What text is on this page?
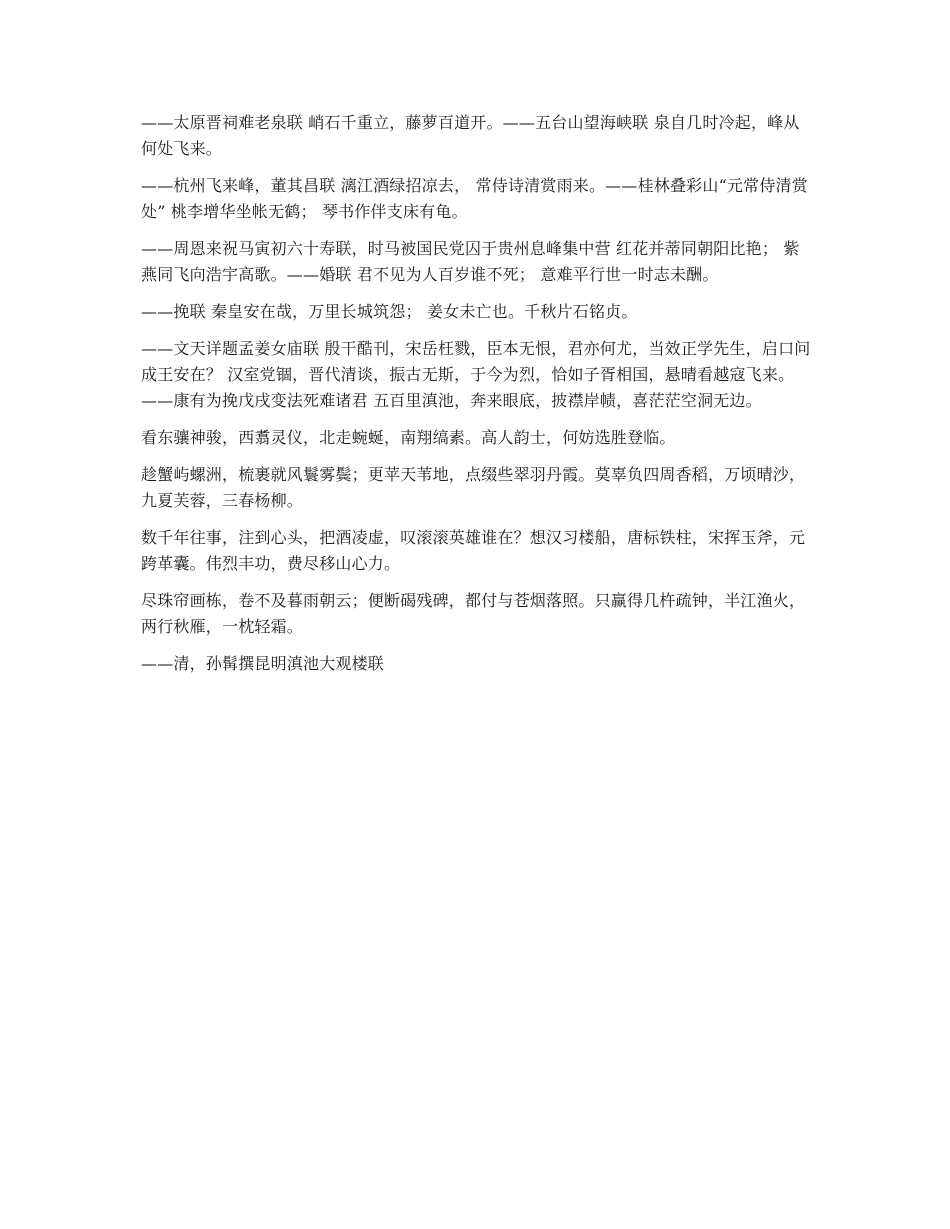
——太原晋祠难老泉联 峭石千重立，藤萝百道开。——五台山望海峡联 泉自几时冷起，峰从何处飞来。

——杭州飞来峰，董其昌联 漓江酒绿招凉去， 常侍诗清赏雨来。——桂林叠彩山“元常侍清赏处” 桃李增华坐帐无鹤； 琴书作伴支床有龟。

——周恩来祝马寅初六十寿联，时马被国民党囚于贵州息峰集中营 红花并蒂同朝阳比艳； 紫燕同飞向浩宇高歌。——婚联 君不见为人百岁谁不死； 意难平行世一时志未酬。

——挽联 秦皇安在哉，万里长城筑怨； 姜女未亡也。千秋片石铭贞。

——文天详题孟姜女庙联 殷干酷刊，宋岳枉戮，臣本无恨，君亦何尤，当效正学先生，启口问成王安在？ 汉室党锢，晋代清谈，振古无斯，于今为烈，恰如子胥相国，悬晴看越寇飞来。 ——康有为挽戊戌变法死难诸君 五百里滇池，奔来眼底，披襟岸帻，喜茫茫空洞无边。

看东骧神骏，西翥灵仪，北走蜿蜒，南翔缟素。高人韵士，何妨选胜登临。

趁蟹屿螺洲，梳裹就风鬟雾鬓；更苹天苇地，点缀些翠羽丹霞。莫辜负四周香稻，万顷晴沙，九夏芙蓉，三春杨柳。

数千年往事，注到心头，把酒凌虚，叹滚滚英雄谁在？想汉习楼船，唐标铁柱，宋挥玉斧，元跨革囊。伟烈丰功，费尽移山心力。

尽珠帘画栋，卷不及暮雨朝云；便断碣残碑，都付与苍烟落照。只赢得几杵疏钟，半江渔火，两行秋雁，一枕轻霜。

——清，孙髯撰昆明滇池大观楼联
